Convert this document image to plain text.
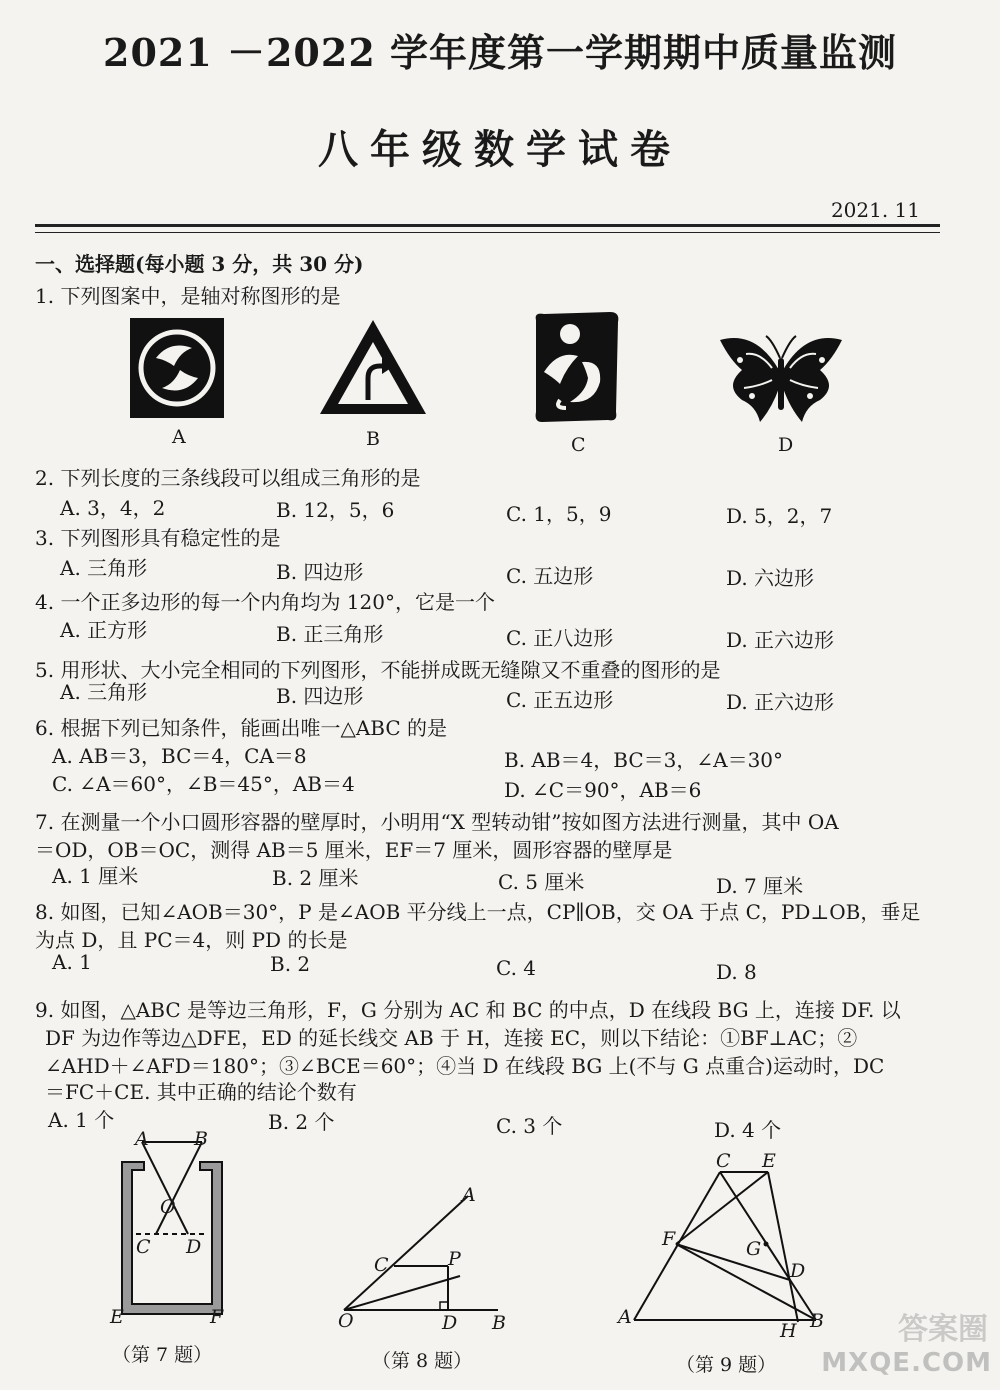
2021 －2022 学年度第一学期期中质量监测
八年级数学试卷
2021. 11
一、选择题(每小题 3 分，共 30 分)
1. 下列图案中，是轴对称图形的是
A	B	C	D
2. 下列长度的三条线段可以组成三角形的是
A. 3，4，2	B. 12，5，6	C. 1，5，9	D. 5，2，7
3. 下列图形具有稳定性的是
A. 三角形	B. 四边形	C. 五边形	D. 六边形
4. 一个正多边形的每一个内角均为 120°，它是一个
A. 正方形	B. 正三角形	C. 正八边形	D. 正六边形
5. 用形状、大小完全相同的下列图形，不能拼成既无缝隙又不重叠的图形的是
A. 三角形	B. 四边形	C. 正五边形	D. 正六边形
6. 根据下列已知条件，能画出唯一△ABC 的是
A. AB＝3，BC＝4，CA＝8	B. AB＝4，BC＝3，∠A＝30°
C. ∠A＝60°，∠B＝45°，AB＝4	D. ∠C＝90°，AB＝6
7. 在测量一个小口圆形容器的壁厚时，小明用“X 型转动钳”按如图方法进行测量，其中 OA
＝OD，OB＝OC，测得 AB＝5 厘米，EF＝7 厘米，圆形容器的壁厚是
A. 1 厘米	B. 2 厘米	C. 5 厘米	D. 7 厘米
8. 如图，已知∠AOB＝30°，P 是∠AOB 平分线上一点，CP∥OB，交 OA 于点 C，PD⊥OB，垂足
为点 D，且 PC＝4，则 PD 的长是
A. 1	B. 2	C. 4	D. 8
9. 如图，△ABC 是等边三角形，F，G 分别为 AC 和 BC 的中点，D 在线段 BG 上，连接 DF. 以
DF 为边作等边△DFE，ED 的延长线交 AB 于 H，连接 EC，则以下结论：①BF⊥AC；②
∠AHD＋∠AFD＝180°；③∠BCE＝60°；④当 D 在线段 BG 上(不与 G 点重合)运动时，DC
＝FC＋CE. 其中正确的结论个数有
A. 1 个	B. 2 个	C. 3 个	D. 4 个
A B
O
C D
E	F
（第 7 题）
A
C	P
O	D B
（第 8 题）
C E
F	G
D
A
H B
（第 9 题）
答案圈
MXQE.COM
